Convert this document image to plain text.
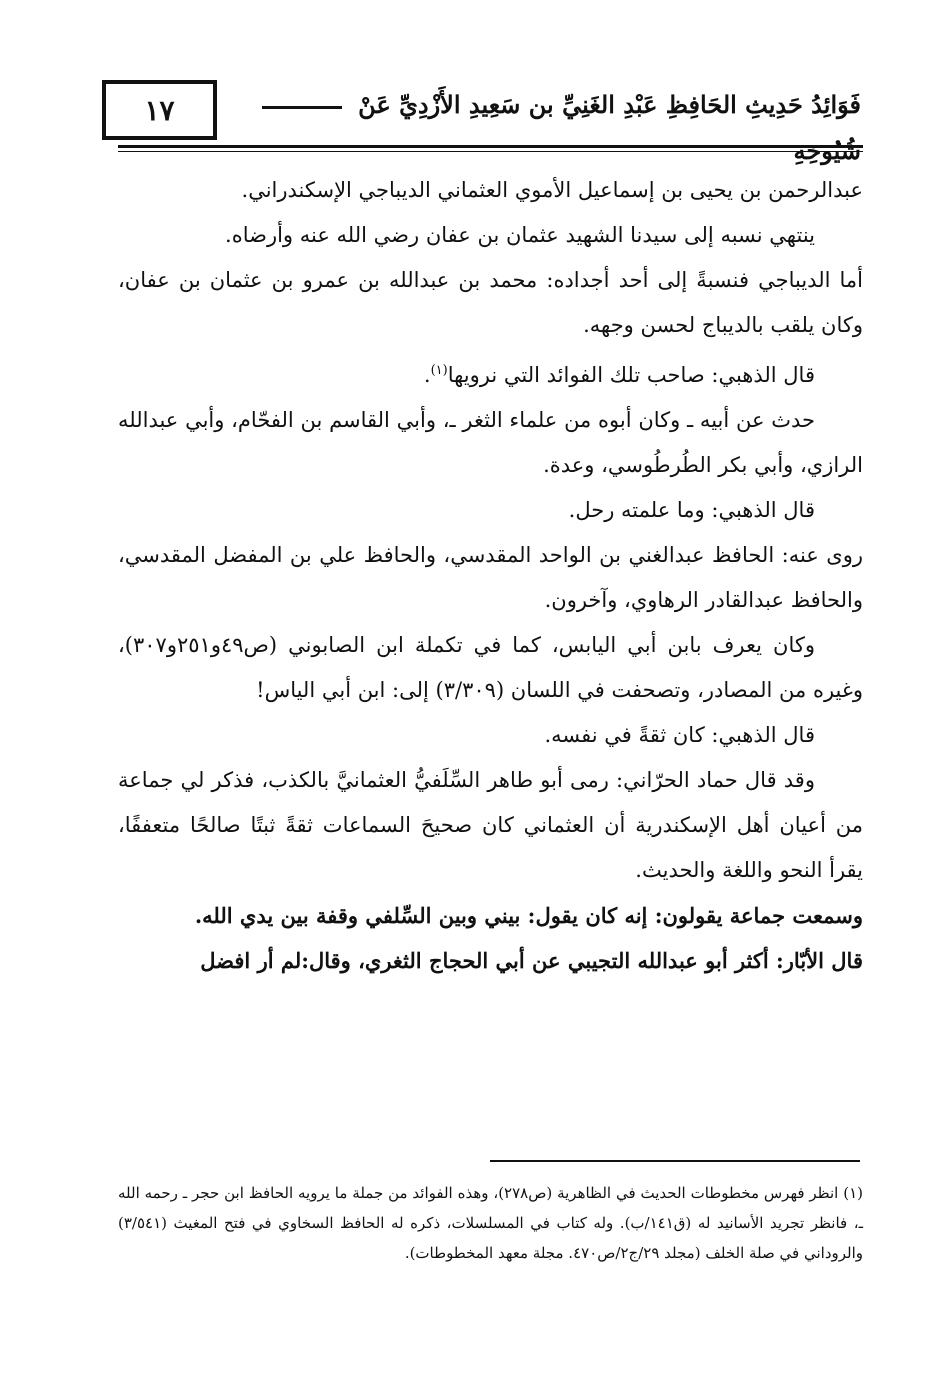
١٧	فَوَائِدُ حَدِيثِ الحَافِظِ عَبْدِ الغَنِيِّ بن سَعِيدِ الأَزْدِيِّ عَنْ

عبدالرحمن بن يحيى بن إسماعيل الأموي العثماني الديباجي الإسكندراني.

ينتهي نسبه إلى سيدنا الشهيد عثمان بن عفان رضي الله عنه وأرضاه.

أما الديباجي فنسبةً إلى أحد أجداده: محمد بن عبدالله بن عمرو بن عثمان بن عفان، وكان يلقب بالديباج لحسن وجهه.

قال الذهبي: صاحب تلك الفوائد التي نرويها$^{(١)}$.

حدث عن أبيه ـ وكان أبوه من علماء الثغر ـ، وأبي القاسم بن الفحّام، وأبي عبدالله الرازي، وأبي بكر الطُرطُوسي، وعدة.

قال الذهبي: وما علمته رحل.

روى عنه: الحافظ عبدالغني بن الواحد المقدسي، والحافظ علي بن المفضل المقدسي، والحافظ عبدالقادر الرهاوي، وآخرون.

وكان يعرف بابن أبي اليابس، كما في تكملة ابن الصابوني (ص٤٩و٢٥١و٣٠٧)، وغيره من المصادر، وتصحفت في اللسان (٣/٣٠٩) إلى: ابن أبي الياس!

قال الذهبي: كان ثقةً في نفسه.

وقد قال حماد الحرّاني: رمى أبو طاهر السِّلَفيُّ العثمانيَّ بالكذب، فذكر لي جماعة من أعيان أهل الإسكندرية أن العثماني كان صحيحَ السماعات ثقةً ثبتًا صالحًا متعففًا، يقرأ النحو واللغة والحديث.

وسمعت جماعة يقولون: إنه كان يقول: بيني وبين السِّلفي وقفة بين يدي الله.

قال الأبّار: أكثر أبو عبدالله التجيبي عن أبي الحجاج الثغري، وقال:لم أر افضل

(١) انظر فهرس مخطوطات الحديث في الظاهرية (ص٢٧٨)، وهذه الفوائد من جملة ما يرويه الحافظ ابن حجر ـ رحمه الله ـ، فانظر تجريد الأسانيد له (ق١٤١/ب). وله كتاب في المسلسلات، ذكره له الحافظ السخاوي في فتح المغيث (٣/٥٤١) والروداني في صلة الخلف (مجلد ٢٩/ج٢/ص٤٧٠. مجلة معهد المخطوطات).
